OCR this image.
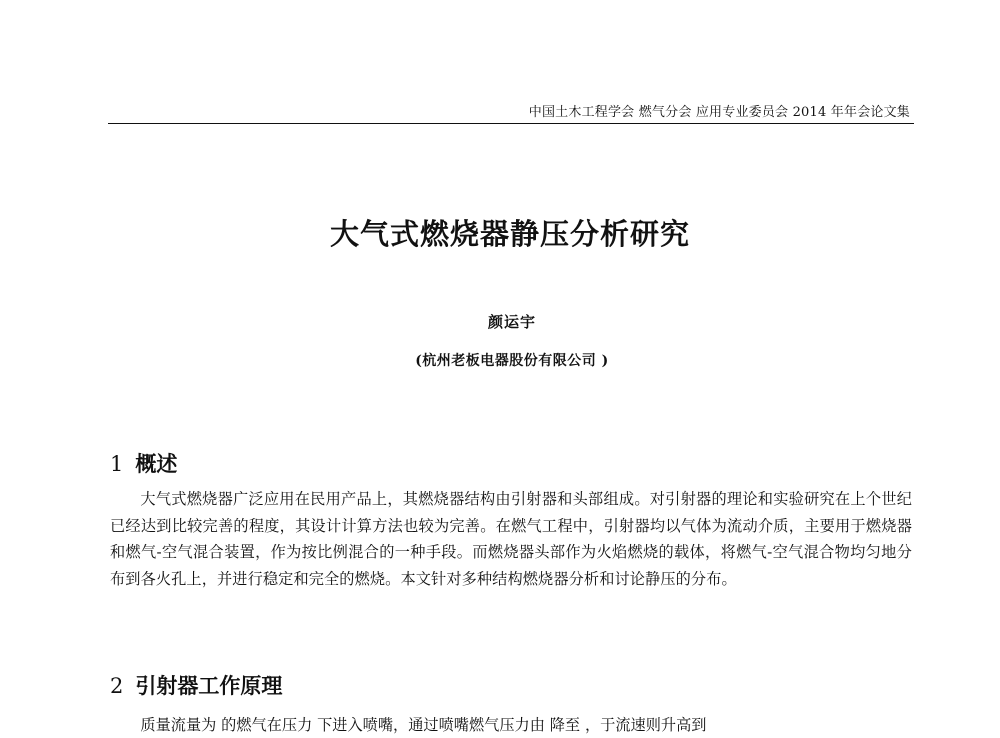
中国土木工程学会 燃气分会 应用专业委员会 2014 年年会论文集
大气式燃烧器静压分析研究
颜运宇
(杭州老板电器股份有限公司 )
1 概述

大气式燃烧器广泛应用在民用产品上，其燃烧器结构由引射器和头部组成。对引射器的理论和实验研究在上个世纪已经达到比较完善的程度，其设计计算方法也较为完善。在燃气工程中，引射器均以气体为流动介质，主要用于燃烧器和燃气-空气混合装置，作为按比例混合的一种手段。而燃烧器头部作为火焰燃烧的载体，将燃气-空气混合物均匀地分布到各火孔上，并进行稳定和完全的燃烧。本文针对多种结构燃烧器分析和讨论静压的分布。

2 引射器工作原理
质量流量为 的燃气在压力 下进入喷嘴，通过喷嘴燃气压力由 降至 ，于流速则升高到
